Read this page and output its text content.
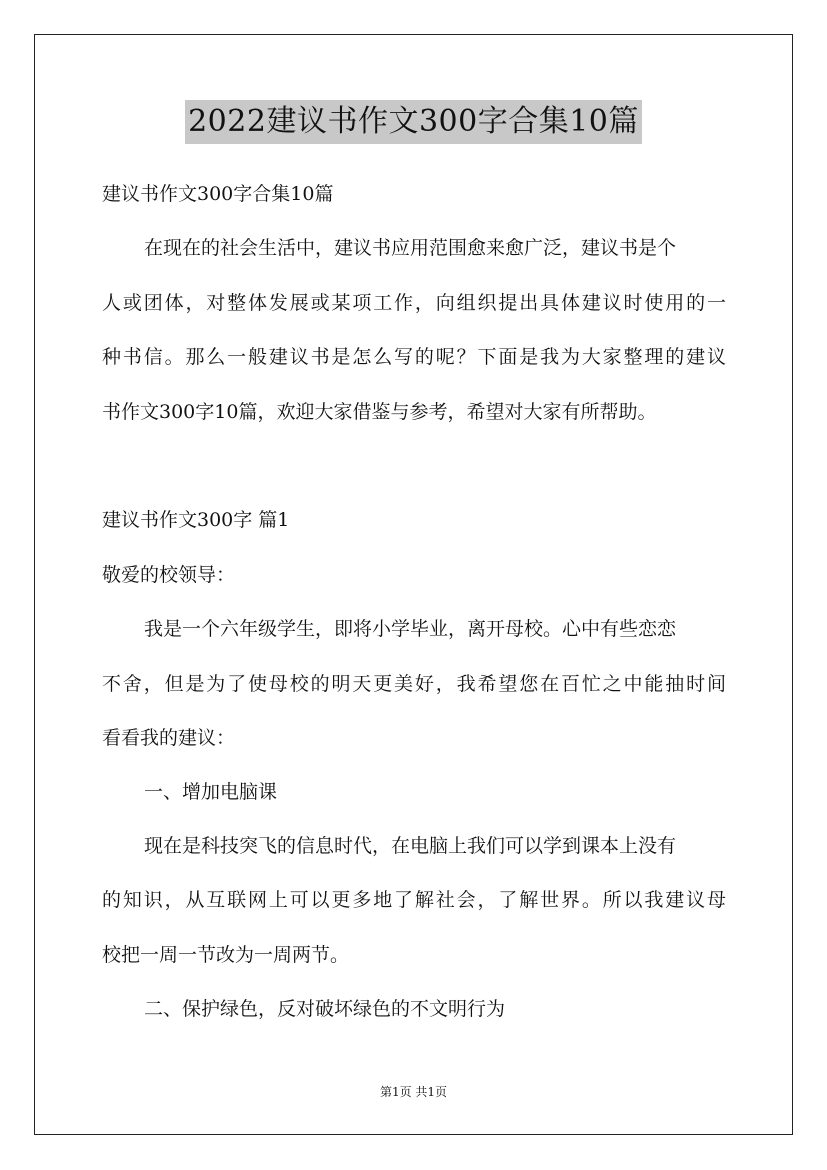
2022建议书作文300字合集10篇
建议书作文300字合集10篇
在现在的社会生活中，建议书应用范围愈来愈广泛，建议书是个
人或团体，对整体发展或某项工作，向组织提出具体建议时使用的一
种书信。那么一般建议书是怎么写的呢？下面是我为大家整理的建议
书作文300字10篇，欢迎大家借鉴与参考，希望对大家有所帮助。
建议书作文300字 篇1
敬爱的校领导：
我是一个六年级学生，即将小学毕业，离开母校。心中有些恋恋
不舍，但是为了使母校的明天更美好，我希望您在百忙之中能抽时间
看看我的建议：
一、增加电脑课
现在是科技突飞的信息时代，在电脑上我们可以学到课本上没有
的知识，从互联网上可以更多地了解社会，了解世界。所以我建议母
校把一周一节改为一周两节。
二、保护绿色，反对破坏绿色的不文明行为
第1页 共1页
